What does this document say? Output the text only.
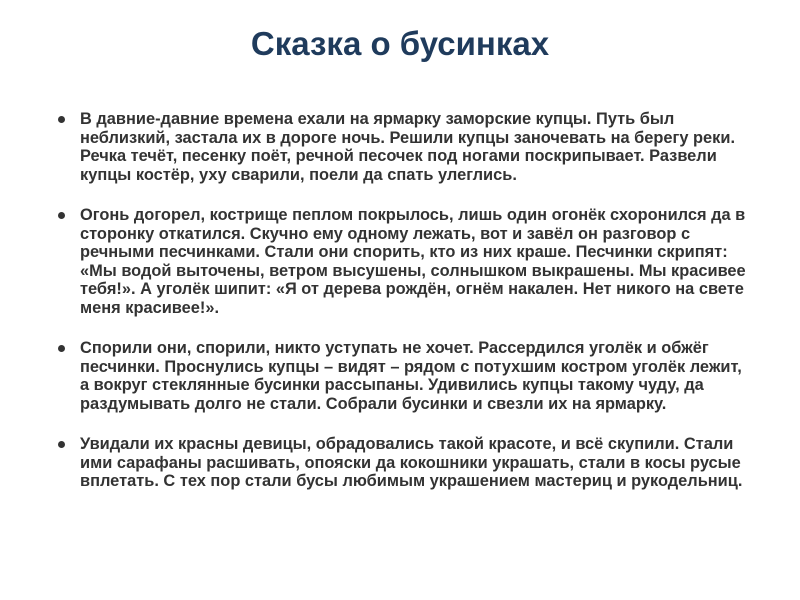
Сказка о бусинках
В давние-давние времена ехали на ярмарку заморские купцы. Путь был неблизкий, застала их в дороге ночь. Решили купцы заночевать на берегу реки. Речка течёт, песенку поёт, речной песочек под ногами поскрипывает. Развели купцы костёр, уху сварили, поели да спать улеглись.
Огонь догорел, кострище пеплом покрылось, лишь один огонёк схоронился да в сторонку откатился. Скучно ему одному лежать, вот и завёл он разговор с речными песчинками. Стали они спорить, кто из них краше. Песчинки скрипят: «Мы водой выточены, ветром высушены, солнышком выкрашены. Мы красивее тебя!». А уголёк шипит: «Я от дерева рождён, огнём накален. Нет никого на свете меня красивее!».
Спорили они, спорили, никто уступать не хочет. Рассердился уголёк и обжёг песчинки. Проснулись купцы – видят – рядом с потухшим костром уголёк лежит, а вокруг стеклянные бусинки рассыпаны. Удивились купцы такому чуду, да раздумывать долго не стали. Собрали бусинки и свезли их на ярмарку.
Увидали их красны девицы, обрадовались такой красоте, и всё скупили. Стали ими сарафаны расшивать, опояски да кокошники украшать, стали в косы русые вплетать. С тех пор стали бусы любимым украшением мастериц и рукодельниц.
